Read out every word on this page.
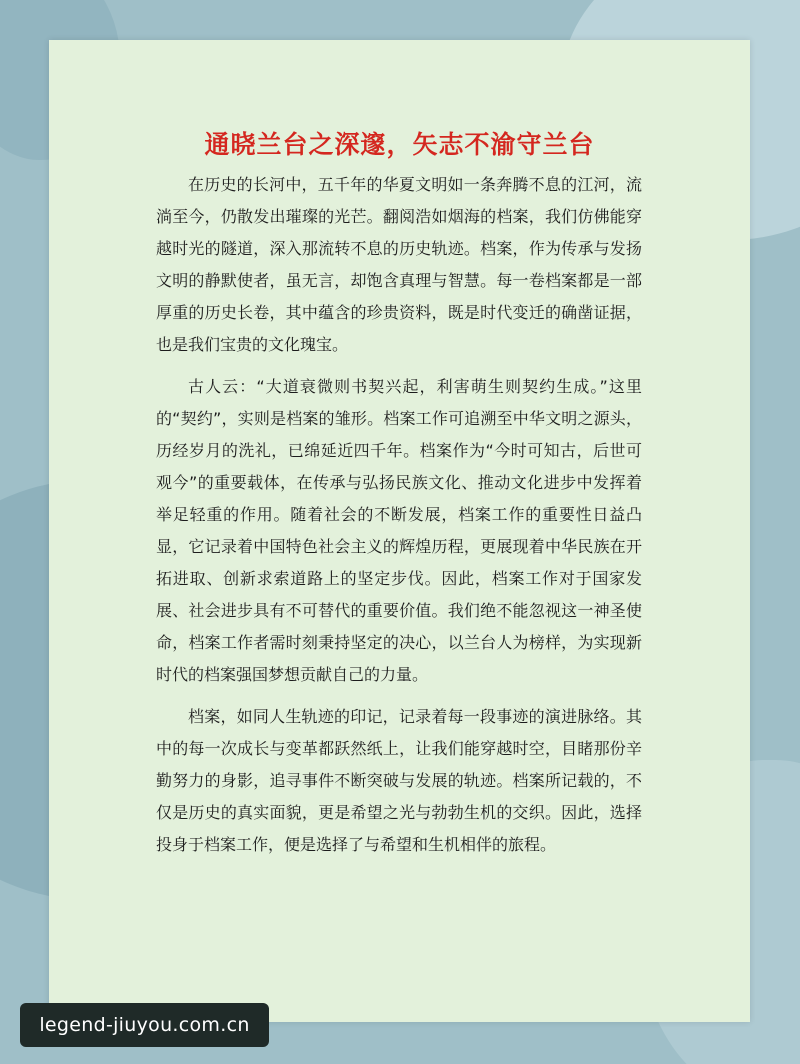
通晓兰台之深邃，矢志不渝守兰台

在历史的长河中，五千年的华夏文明如一条奔腾不息的江河，流淌至今，仍散发出璀璨的光芒。翻阅浩如烟海的档案，我们仿佛能穿越时光的隧道，深入那流转不息的历史轨迹。档案，作为传承与发扬文明的静默使者，虽无言，却饱含真理与智慧。每一卷档案都是一部厚重的历史长卷，其中蕴含的珍贵资料，既是时代变迁的确凿证据，也是我们宝贵的文化瑰宝。

古人云：“大道衰微则书契兴起，利害萌生则契约生成。”这里的“契约”，实则是档案的雏形。档案工作可追溯至中华文明之源头，历经岁月的洗礼，已绵延近四千年。档案作为“今时可知古，后世可观今”的重要载体，在传承与弘扬民族文化、推动文化进步中发挥着举足轻重的作用。随着社会的不断发展，档案工作的重要性日益凸显，它记录着中国特色社会主义的辉煌历程，更展现着中华民族在开拓进取、创新求索道路上的坚定步伐。因此，档案工作对于国家发展、社会进步具有不可替代的重要价值。我们绝不能忽视这一神圣使命，档案工作者需时刻秉持坚定的决心，以兰台人为榜样，为实现新时代的档案强国梦想贡献自己的力量。

档案，如同人生轨迹的印记，记录着每一段事迹的演进脉络。其中的每一次成长与变革都跃然纸上，让我们能穿越时空，目睹那份辛勤努力的身影，追寻事件不断突破与发展的轨迹。档案所记载的，不仅是历史的真实面貌，更是希望之光与勃勃生机的交织。因此，选择投身于档案工作，便是选择了与希望和生机相伴的旅程。

legend-jiuyou.com.cn
